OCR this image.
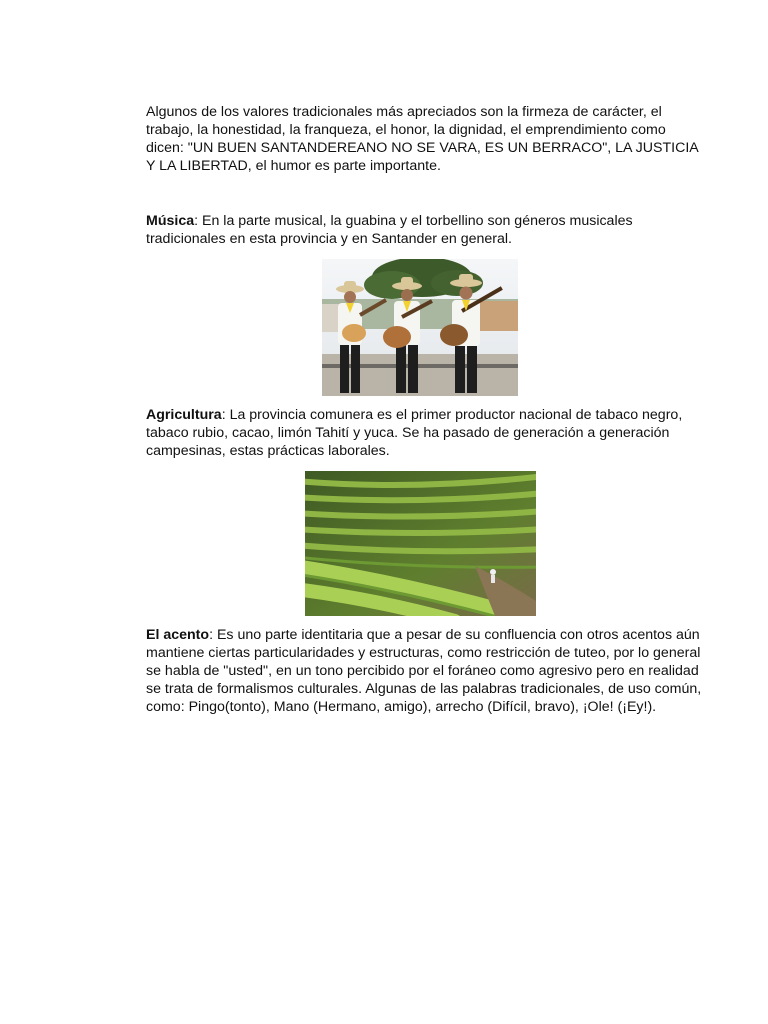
Algunos de los valores tradicionales más apreciados son la firmeza de carácter, el trabajo, la honestidad, la franqueza, el honor, la dignidad, el emprendimiento como dicen: "UN BUEN SANTANDEREANO NO SE VARA, ES UN BERRACO", LA JUSTICIA Y LA LIBERTAD, el humor es parte importante.

Música: En la parte musical, la guabina y el torbellino son géneros musicales tradicionales en esta provincia y en Santander en general.

Agricultura: La provincia comunera es el primer productor nacional de tabaco negro, tabaco rubio, cacao, limón Tahití y yuca. Se ha pasado de generación a generación campesinas, estas prácticas laborales.

El acento: Es uno parte identitaria que a pesar de su confluencia con otros acentos aún mantiene ciertas particularidades y estructuras, como restricción de tuteo, por lo general se habla de "usted", en un tono percibido por el foráneo como agresivo pero en realidad se trata de formalismos culturales. Algunas de las palabras tradicionales, de uso común, como: Pingo(tonto), Mano (Hermano, amigo), arrecho (Difícil, bravo), ¡Ole! (¡Ey!).
